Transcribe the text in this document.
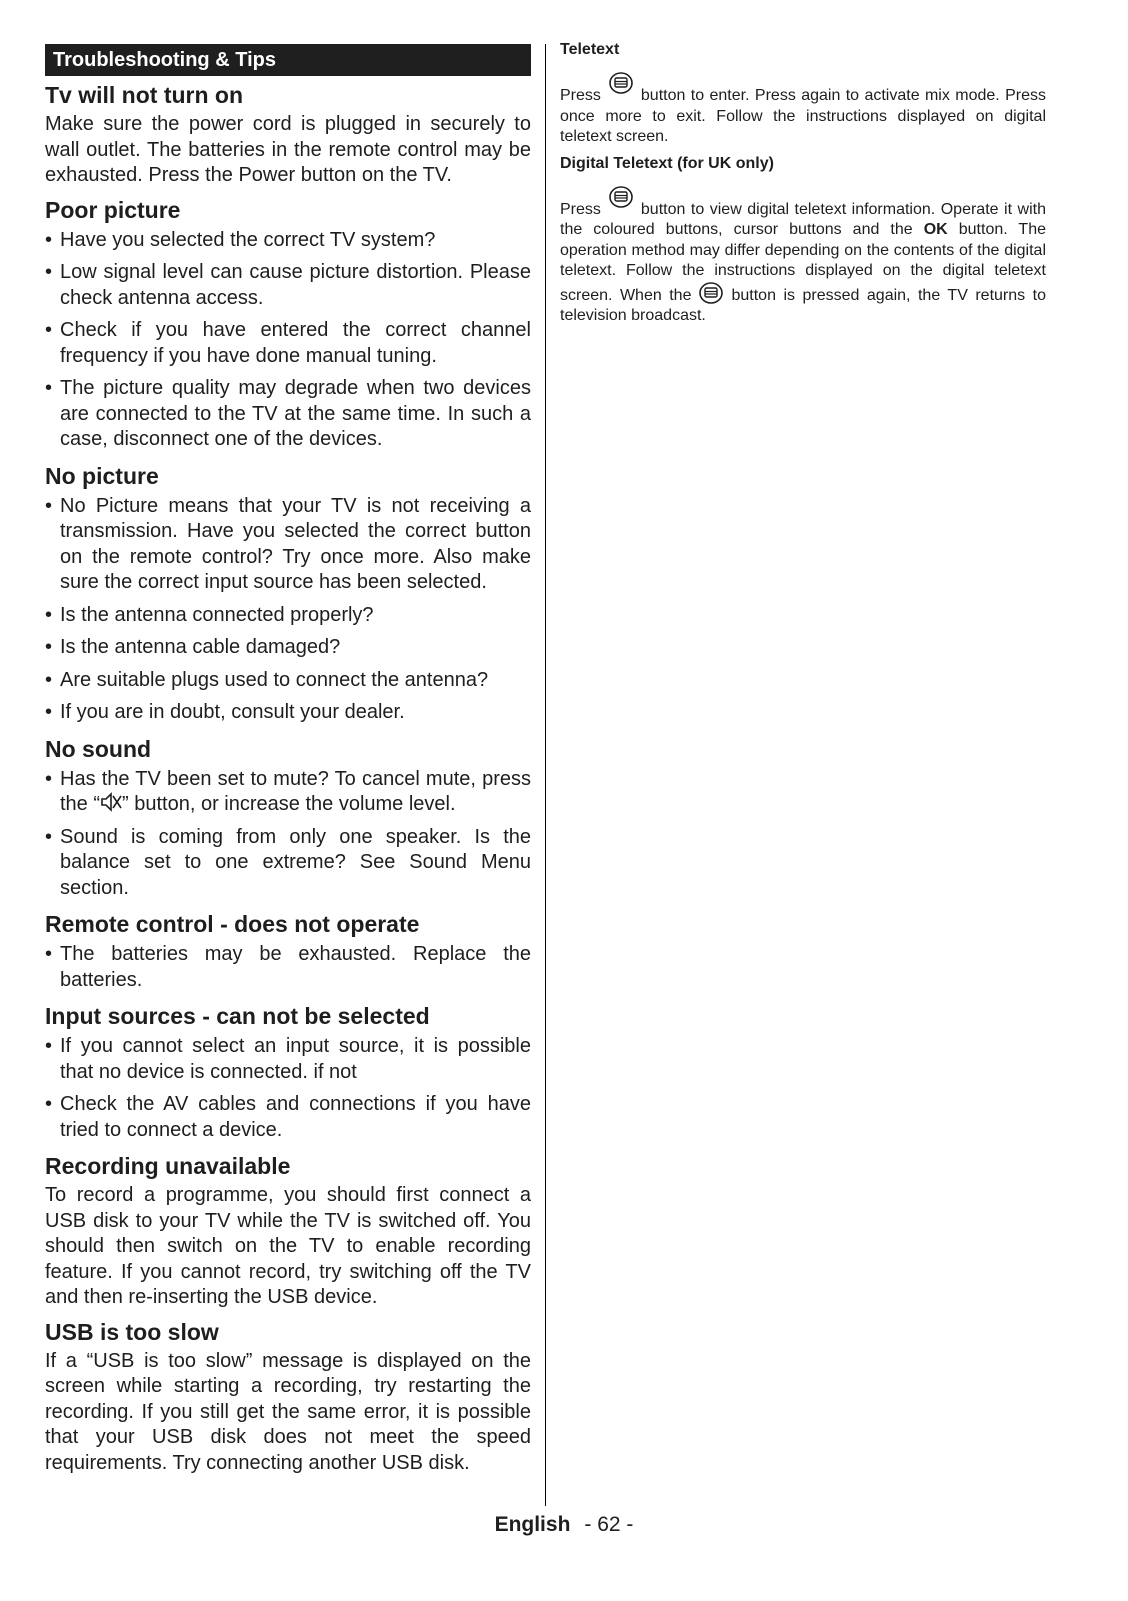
Troubleshooting & Tips
Tv will not turn on

Make sure the power cord is plugged in securely to wall outlet. The batteries in the remote control may be exhausted. Press the Power button on the TV.

Poor picture
• Have you selected the correct TV system?
• Low signal level can cause picture distortion. Please check antenna access.
• Check if you have entered the correct channel frequency if you have done manual tuning.
• The picture quality may degrade when two devices are connected to the TV at the same time. In such a case, disconnect one of the devices.
No picture
• No Picture means that your TV is not receiving a transmission. Have you selected the correct button on the remote control? Try once more. Also make sure the correct input source has been selected.
• Is the antenna connected properly?
• Is the antenna cable damaged?
• Are suitable plugs used to connect the antenna?
• If you are in doubt, consult your dealer.
No sound
• Has the TV been set to mute? To cancel mute, press the “ ” button, or increase the volume level.
• Sound is coming from only one speaker. Is the balance set to one extreme? See Sound Menu section.
Remote control - does not operate
• The batteries may be exhausted. Replace the batteries.
Input sources - can not be selected
• If you cannot select an input source, it is possible that no device is connected. if not
• Check the AV cables and connections if you have tried to connect a device.
Recording unavailable

To record a programme, you should first connect a USB disk to your TV while the TV is switched off. You should then switch on the TV to enable recording feature. If you cannot record, try switching off the TV and then re-inserting the USB device.

USB is too slow

If a “USB is too slow” message is displayed on the screen while starting a recording, try restarting the recording. If you still get the same error, it is possible that your USB disk does not meet the speed requirements. Try connecting another USB disk.

Teletext

Press	button to enter. Press again to activate mix mode. Press once more to exit. Follow the instructions displayed on digital teletext screen.

Digital Teletext (for UK only)

Press	button to view digital teletext information. Operate it with the coloured buttons, cursor buttons and the OK button. The operation method may differ depending on the contents of the digital teletext. Follow the instructions displayed on the digital teletext screen. When the	button is pressed again, the TV returns to television broadcast.

English - 62 -
